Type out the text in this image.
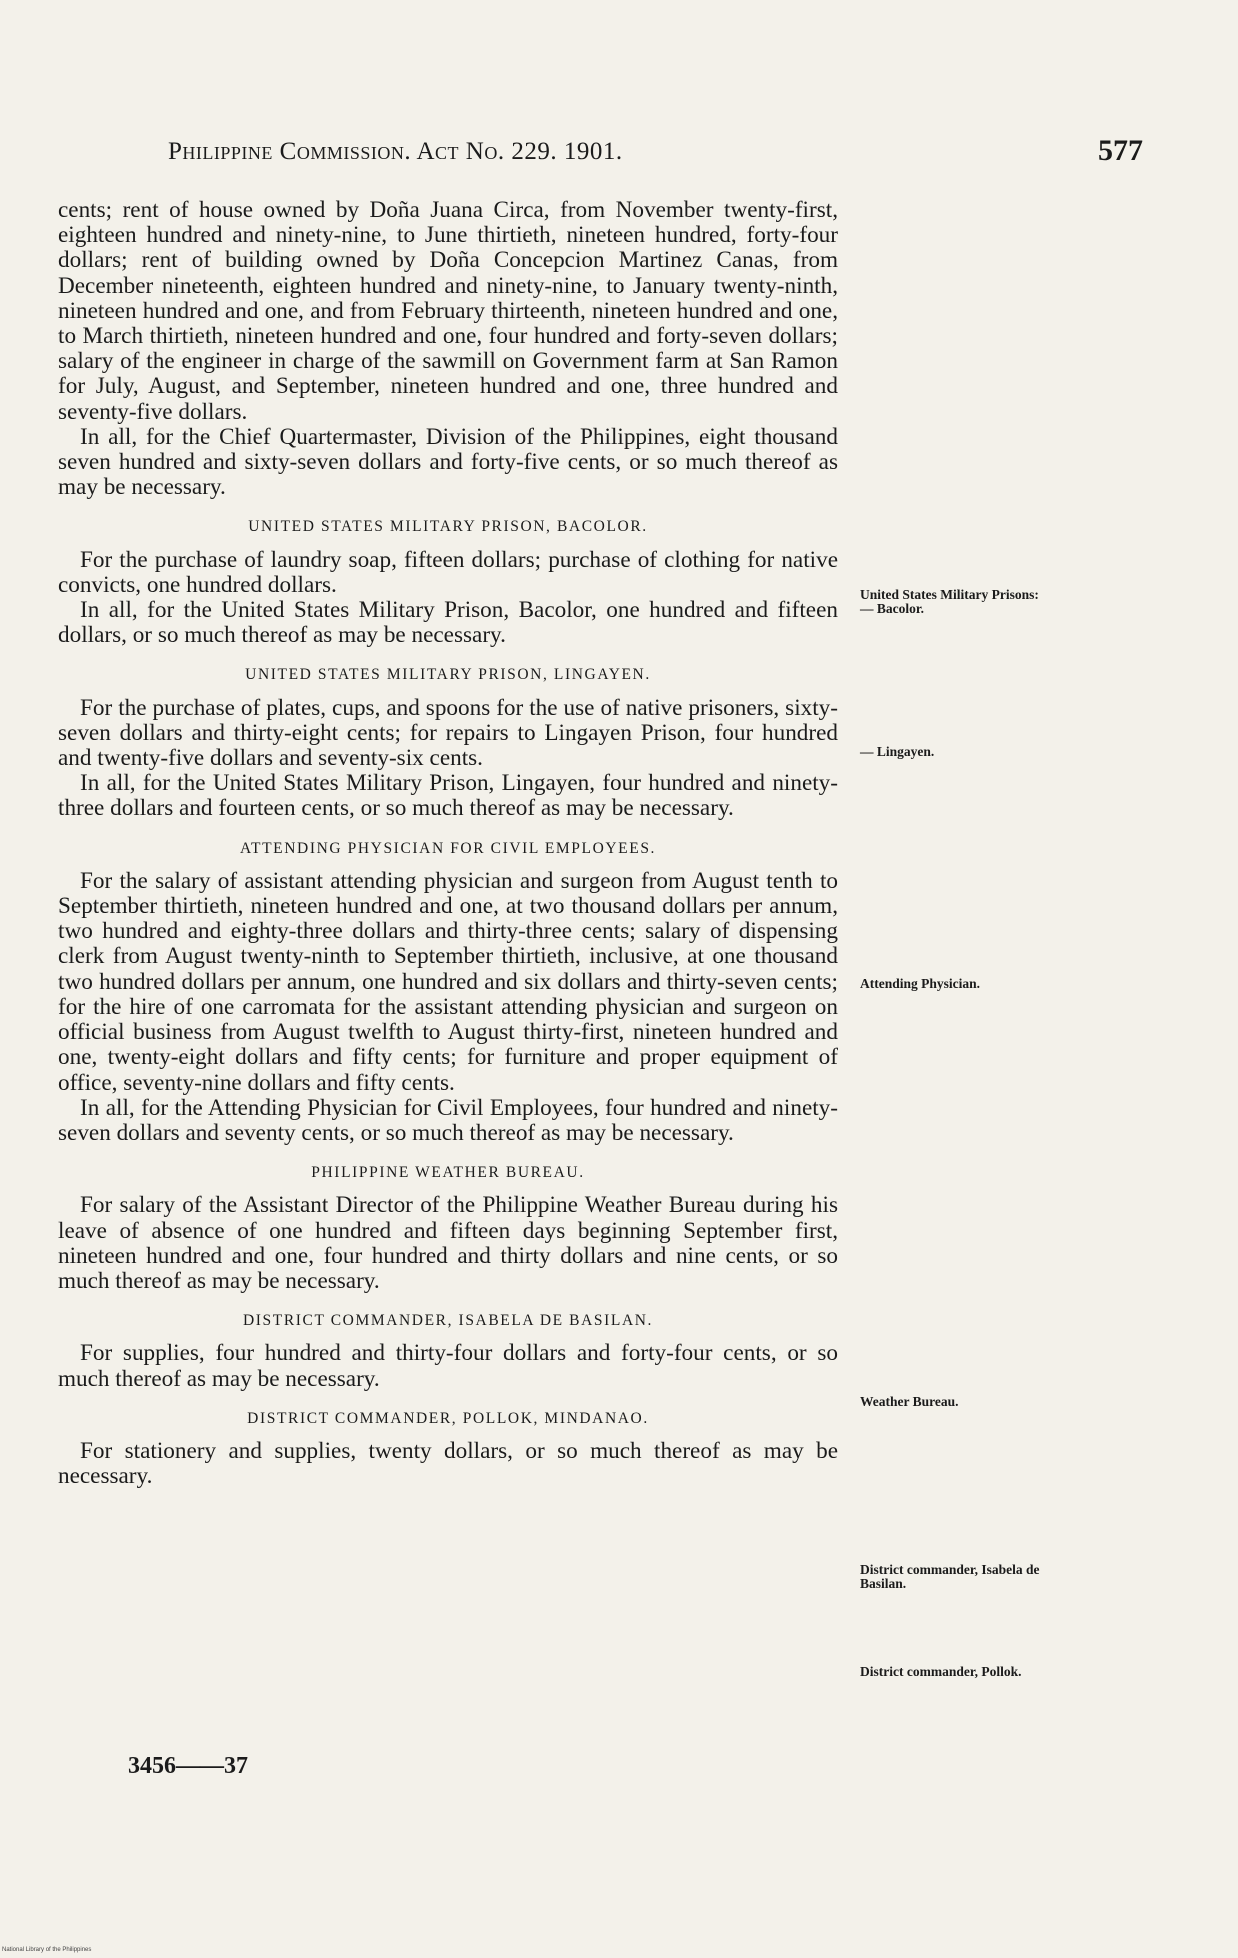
Philippine Commission. Act No. 229. 1901.	577

cents; rent of house owned by Doña Juana Circa, from November twenty-first, eighteen hundred and ninety-nine, to June thirtieth, nineteen hundred, forty-four dollars; rent of building owned by Doña Concepcion Martinez Canas, from December nineteenth, eighteen hundred and ninety-nine, to January twenty-ninth, nineteen hundred and one, and from February thirteenth, nineteen hundred and one, to March thirtieth, nineteen hundred and one, four hundred and forty-seven dollars; salary of the engineer in charge of the sawmill on Government farm at San Ramon for July, August, and September, nineteen hundred and one, three hundred and seventy-five dollars.

In all, for the Chief Quartermaster, Division of the Philippines, eight thousand seven hundred and sixty-seven dollars and forty-five cents, or so much thereof as may be necessary.

UNITED STATES MILITARY PRISON, BACOLOR.

For the purchase of laundry soap, fifteen dollars; purchase of clothing for native convicts, one hundred dollars.

In all, for the United States Military Prison, Bacolor, one hundred and fifteen dollars, or so much thereof as may be necessary.

UNITED STATES MILITARY PRISON, LINGAYEN.

For the purchase of plates, cups, and spoons for the use of native prisoners, sixty-seven dollars and thirty-eight cents; for repairs to Lingayen Prison, four hundred and twenty-five dollars and seventy-six cents.

In all, for the United States Military Prison, Lingayen, four hundred and ninety-three dollars and fourteen cents, or so much thereof as may be necessary.

ATTENDING PHYSICIAN FOR CIVIL EMPLOYEES.

For the salary of assistant attending physician and surgeon from August tenth to September thirtieth, nineteen hundred and one, at two thousand dollars per annum, two hundred and eighty-three dollars and thirty-three cents; salary of dispensing clerk from August twenty-ninth to September thirtieth, inclusive, at one thousand two hundred dollars per annum, one hundred and six dollars and thirty-seven cents; for the hire of one carromata for the assistant attending physician and surgeon on official business from August twelfth to August thirty-first, nineteen hundred and one, twenty-eight dollars and fifty cents; for furniture and proper equipment of office, seventy-nine dollars and fifty cents.

In all, for the Attending Physician for Civil Employees, four hundred and ninety-seven dollars and seventy cents, or so much thereof as may be necessary.

PHILIPPINE WEATHER BUREAU.

For salary of the Assistant Director of the Philippine Weather Bureau during his leave of absence of one hundred and fifteen days beginning September first, nineteen hundred and one, four hundred and thirty dollars and nine cents, or so much thereof as may be necessary.

DISTRICT COMMANDER, ISABELA DE BASILAN.

For supplies, four hundred and thirty-four dollars and forty-four cents, or so much thereof as may be necessary.

DISTRICT COMMANDER, POLLOK, MINDANAO.

For stationery and supplies, twenty dollars, or so much thereof as may be necessary.

United States Military Prisons:
— Bacolor.
— Lingayen.
Attending Physician.
Weather Bureau.
District commander, Isabela de Basilan.
District commander, Pollok.
3456——37
National Library of the Philippines
